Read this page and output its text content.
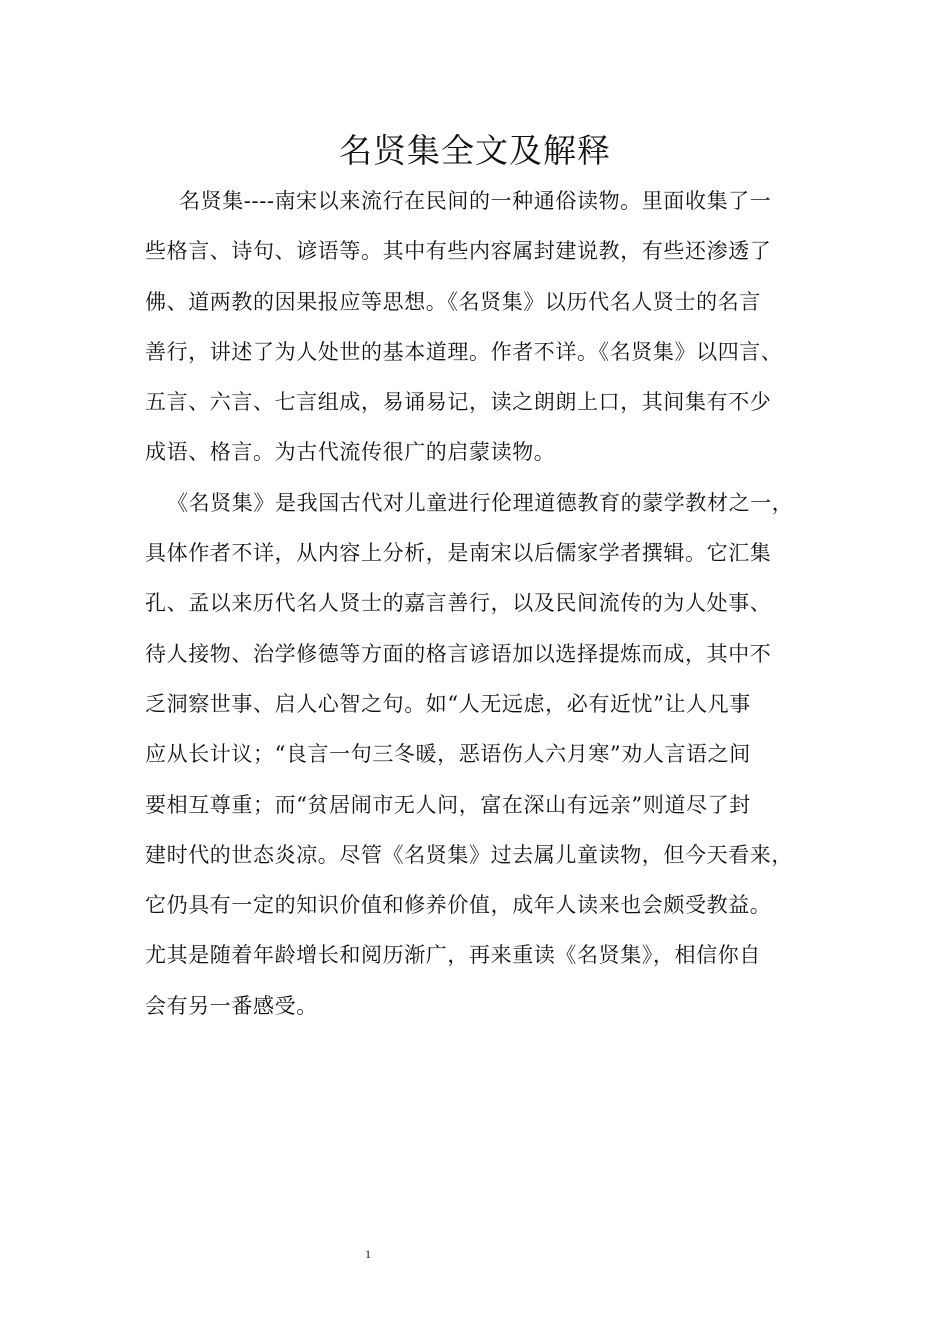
名贤集全文及解释
名贤集----南宋以来流行在民间的一种通俗读物。里面收集了一
些格言、诗句、谚语等。其中有些内容属封建说教，有些还渗透了
佛、道两教的因果报应等思想。《名贤集》以历代名人贤士的名言
善行，讲述了为人处世的基本道理。作者不详。《名贤集》以四言、
五言、六言、七言组成，易诵易记，读之朗朗上口，其间集有不少
成语、格言。为古代流传很广的启蒙读物。
《名贤集》是我国古代对儿童进行伦理道德教育的蒙学教材之一，
具体作者不详，从内容上分析，是南宋以后儒家学者撰辑。它汇集
孔、孟以来历代名人贤士的嘉言善行，以及民间流传的为人处事、
待人接物、治学修德等方面的格言谚语加以选择提炼而成，其中不
乏洞察世事、启人心智之句。如“人无远虑，必有近忧”让人凡事
应从长计议；“良言一句三冬暖，恶语伤人六月寒”劝人言语之间
要相互尊重；而“贫居闹市无人问，富在深山有远亲”则道尽了封
建时代的世态炎凉。尽管《名贤集》过去属儿童读物，但今天看来，
它仍具有一定的知识价值和修养价值，成年人读来也会颇受教益。
尤其是随着年龄增长和阅历渐广，再来重读《名贤集》，相信你自
会有另一番感受。
1
